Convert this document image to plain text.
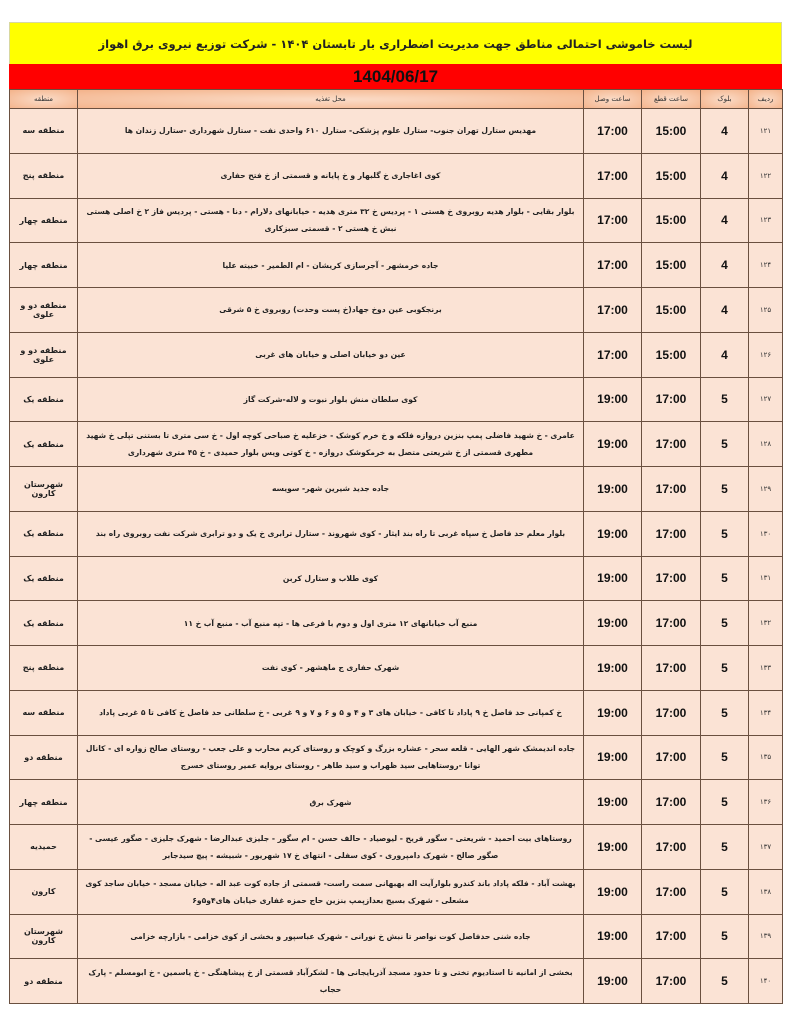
لیست خاموشی احتمالی مناطق جهت مدیریت اضطراری بار تابستان ۱۴۰۴ - شرکت توزیع نیروی برق اهواز
1404/06/17
منطقه	محل تغذیه	ساعت وصل	ساعت قطع	بلوک	ردیف
منطقه سه	مهدیس ستارل تهران جنوب- ستارل علوم پزشکی- ستارل ۶۱۰ واحدی نفت - ستارل شهرداری -ستارل زندان ها	17:00	15:00	4	۱۲۱
منطقه پنج	کوی اغاجاری خ گلبهار و خ پایانه و قسمتی از خ فتح حفاری	17:00	15:00	4	۱۲۲
منطقه چهار	بلوار بقایی - بلوار هدیه روبروی خ هستی ۱ - پردیس خ ۳۲ متری هدیه - خیابانهای دلارام - دنا - هستی - پردیس فاز ۲ خ اصلی هستی نبش خ هستی ۲ - قسمتی سبزکاری	17:00	15:00	4	۱۲۳
منطقه چهار	جاده خرمشهر - آجرسازی کریشان - ام الطمیر - خبیته علیا	17:00	15:00	4	۱۲۴
منطقه دو و علوی	برنجکوبی عین دوخ جهاد(خ پست وحدت) روبروی خ ۵ شرقی	17:00	15:00	4	۱۲۵
منطقه دو و علوی	عین دو خیابان اصلی و خیابان های غربی	17:00	15:00	4	۱۲۶
منطقه یک	کوی سلطان منش بلوار نبوت و لاله-شرکت گاز	19:00	17:00	5	۱۲۷
منطقه یک	عامری - خ شهید فاضلی پمپ بنزین دروازه فلکه و خ خرم کوشک - خزعلیه خ صباحی کوچه اول - خ سی متری تا بستنی تپلی خ شهید مطهری قسمتی از خ شریعتی متصل به خرمکوشک دروازه - خ کوتی ویس بلوار حمیدی - خ ۴۵ متری شهرداری	19:00	17:00	5	۱۲۸
شهرستان کارون	جاده جدید شیرین شهر- سویسه	19:00	17:00	5	۱۲۹
منطقه یک	بلوار معلم حد فاصل خ سپاه غربی تا راه بند ایثار - کوی شهروند - ستارل ترابری خ یک و دو ترابری شرکت نفت روبروی راه بند	19:00	17:00	5	۱۳۰
منطقه یک	کوی طلاب و ستارل کربن	19:00	17:00	5	۱۳۱
منطقه یک	منبع آب خیابانهای ۱۲ متری اول و دوم با فرعی ها - تپه منبع آب - منبع آب خ ۱۱	19:00	17:00	5	۱۳۲
منطقه پنج	شهرک حفاری ج ماهشهر - کوی نفت	19:00	17:00	5	۱۳۳
منطقه سه	خ کمپانی حد فاصل خ ۹ پاداد تا کافی - خیابان های ۳ و ۴ و ۵ و ۶ و ۷ و ۹ غربی - خ سلطانی حد فاصل خ کافی تا ۵ غربی پاداد	19:00	17:00	5	۱۳۴
منطقه دو	جاده اندیمشک شهر الهایی - قلعه سحر - عشاره بزرگ و کوچک و روستای کریم محارب و علی جعب - روستای صالح زواره ای - کانال توانا -روستاهایی سید ظهراب و سید طاهر - روستای بروایه عمیر روستای خسرج	19:00	17:00	5	۱۳۵
منطقه چهار	شهرک برق	19:00	17:00	5	۱۳۶
حمیدیه	روستاهای بیت احمید - شریعتی - سگور فریح - لیوصیاد - حالف حسن - ام سگور - جلیزی عبدالرضا - شهرک جلیزی - صگور عیسی - صگور صالح - شهرک دامپروری - کوی سفلی - انتهای خ ۱۷ شهریور - شبیشه - پیچ سیدجابر	19:00	17:00	5	۱۳۷
کارون	بهشت آباد - فلکه پاداد باند کندرو بلوارآیت اله بهبهانی سمت راست- قسمتی از جاده کوت عبد اله - خیابان مسجد - خیابان ساجد کوی مشعلی - شهرک بسیج بعدازپمپ بنزین حاج حمزه غفاری خیابان های۴و۵و۶	19:00	17:00	5	۱۳۸
شهرستان کارون	جاده شنی حدفاصل کوت نواصر تا نبش خ نورانی - شهرک عباسپور و بخشی از کوی خزامی - بازارچه خزامی	19:00	17:00	5	۱۳۹
منطقه دو	بخشی از امانیه تا استادیوم تختی و تا حدود مسجد آذربایجانی ها - لشکرآباد قسمتی از خ پیشاهنگی - خ یاسمین - خ ابومسلم - پارک حجاب	19:00	17:00	5	۱۴۰
